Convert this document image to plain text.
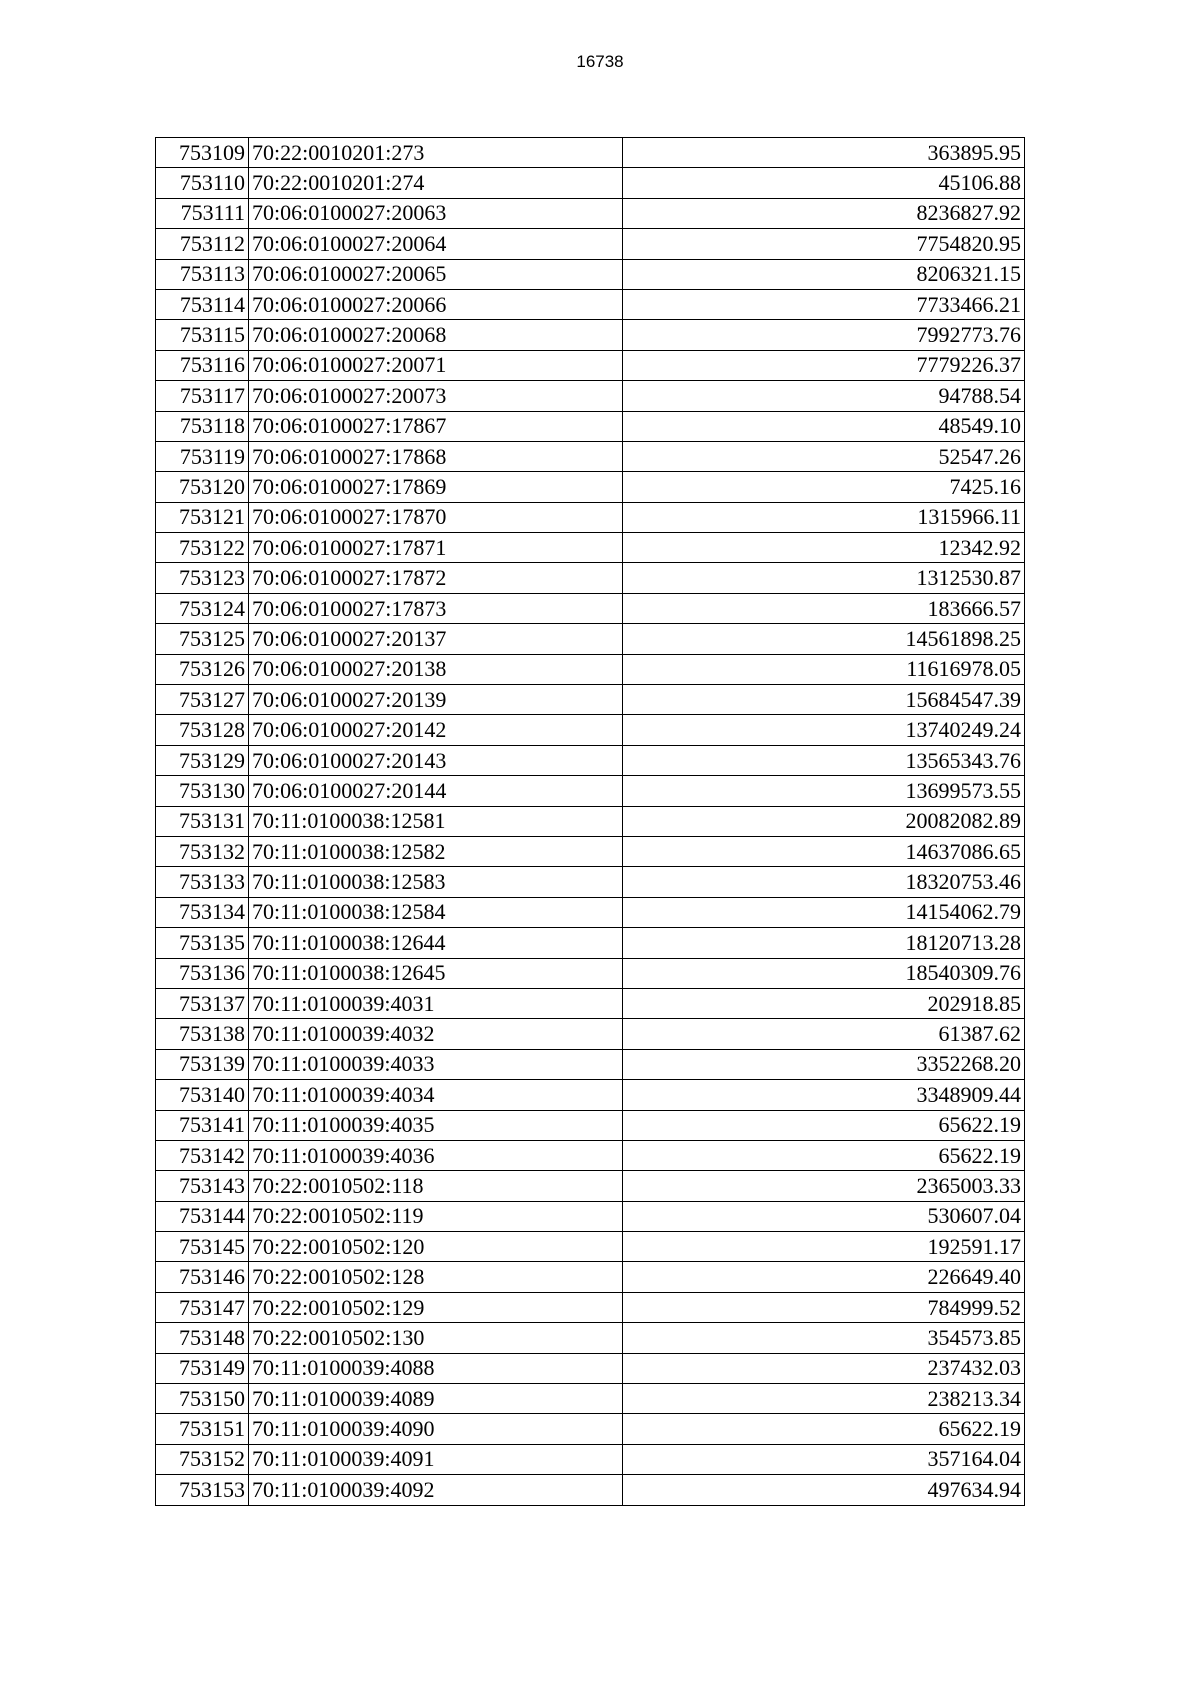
16738
753109	70:22:0010201:273	363895.95
753110	70:22:0010201:274	45106.88
753111	70:06:0100027:20063	8236827.92
753112	70:06:0100027:20064	7754820.95
753113	70:06:0100027:20065	8206321.15
753114	70:06:0100027:20066	7733466.21
753115	70:06:0100027:20068	7992773.76
753116	70:06:0100027:20071	7779226.37
753117	70:06:0100027:20073	94788.54
753118	70:06:0100027:17867	48549.10
753119	70:06:0100027:17868	52547.26
753120	70:06:0100027:17869	7425.16
753121	70:06:0100027:17870	1315966.11
753122	70:06:0100027:17871	12342.92
753123	70:06:0100027:17872	1312530.87
753124	70:06:0100027:17873	183666.57
753125	70:06:0100027:20137	14561898.25
753126	70:06:0100027:20138	11616978.05
753127	70:06:0100027:20139	15684547.39
753128	70:06:0100027:20142	13740249.24
753129	70:06:0100027:20143	13565343.76
753130	70:06:0100027:20144	13699573.55
753131	70:11:0100038:12581	20082082.89
753132	70:11:0100038:12582	14637086.65
753133	70:11:0100038:12583	18320753.46
753134	70:11:0100038:12584	14154062.79
753135	70:11:0100038:12644	18120713.28
753136	70:11:0100038:12645	18540309.76
753137	70:11:0100039:4031	202918.85
753138	70:11:0100039:4032	61387.62
753139	70:11:0100039:4033	3352268.20
753140	70:11:0100039:4034	3348909.44
753141	70:11:0100039:4035	65622.19
753142	70:11:0100039:4036	65622.19
753143	70:22:0010502:118	2365003.33
753144	70:22:0010502:119	530607.04
753145	70:22:0010502:120	192591.17
753146	70:22:0010502:128	226649.40
753147	70:22:0010502:129	784999.52
753148	70:22:0010502:130	354573.85
753149	70:11:0100039:4088	237432.03
753150	70:11:0100039:4089	238213.34
753151	70:11:0100039:4090	65622.19
753152	70:11:0100039:4091	357164.04
753153	70:11:0100039:4092	497634.94
